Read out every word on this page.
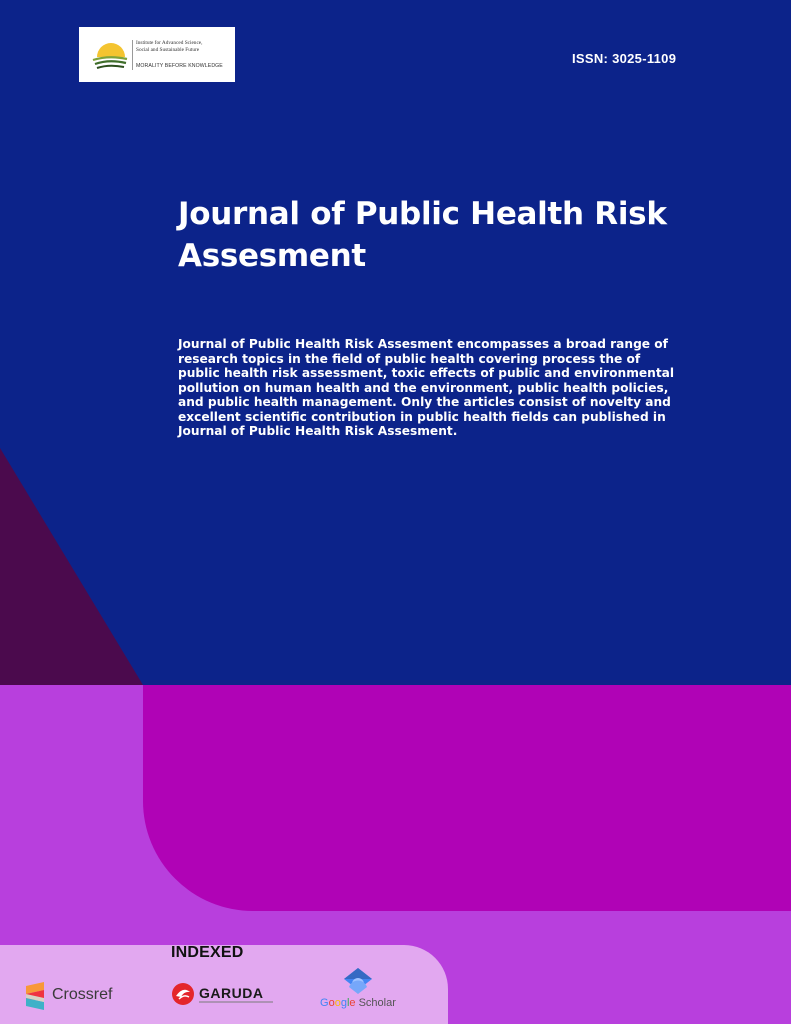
Institute for Advanced Science,
Social and Sustainable Future
MORALITY BEFORE KNOWLEDGE	ISSN: 3025-1109
Journal of Public Health Risk Assesment

Journal of Public Health Risk Assesment encompasses a broad range of research topics in the field of public health covering process the of public health risk assessment, toxic effects of public and environmental pollution on human health and the environment, public health policies, and public health management. Only the articles consist of novelty and excellent scientific contribution in public health fields can published in Journal of Public Health Risk Assesment.

INDEXED
Crossref	GARUDA
Google Scholar
